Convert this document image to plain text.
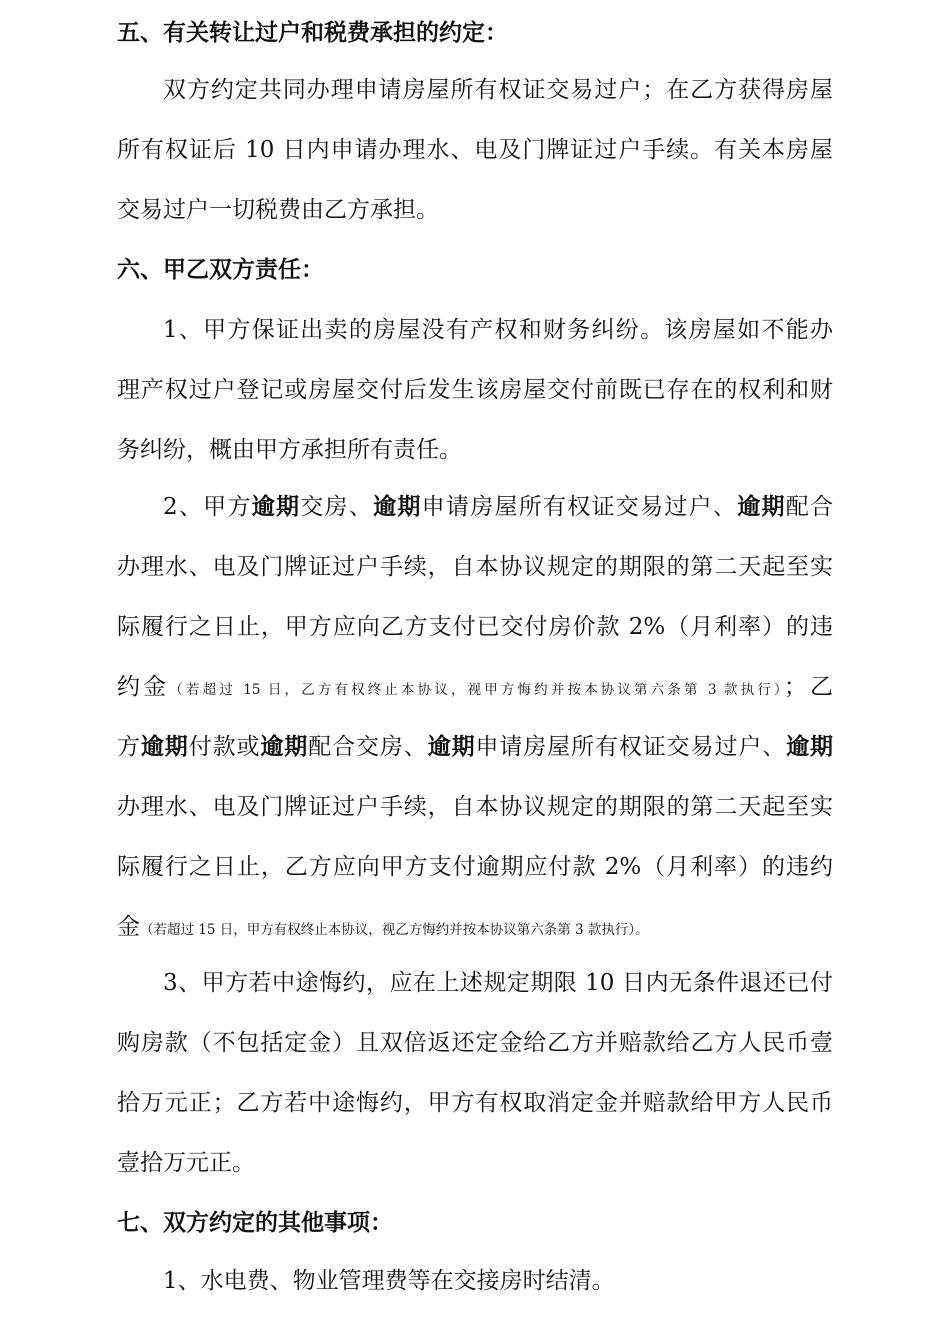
五、有关转让过户和税费承担的约定：
双方约定共同办理申请房屋所有权证交易过户；在乙方获得房屋
所有权证后 10 日内申请办理水、电及门牌证过户手续。有关本房屋
交易过户一切税费由乙方承担。
六、甲乙双方责任：
1、甲方保证出卖的房屋没有产权和财务纠纷。该房屋如不能办
理产权过户登记或房屋交付后发生该房屋交付前既已存在的权利和财
务纠纷，概由甲方承担所有责任。
2、甲方逾期交房、逾期申请房屋所有权证交易过户、逾期配合
办理水、电及门牌证过户手续，自本协议规定的期限的第二天起至实
际履行之日止，甲方应向乙方支付已交付房价款 2%（月利率）的违
约金（若超过 15 日，乙方有权终止本协议，视甲方悔约并按本协议第六条第 3 款执行）；乙
方逾期付款或逾期配合交房、逾期申请房屋所有权证交易过户、逾期
办理水、电及门牌证过户手续，自本协议规定的期限的第二天起至实
际履行之日止，乙方应向甲方支付逾期应付款 2%（月利率）的违约
金（若超过 15 日，甲方有权终止本协议，视乙方悔约并按本协议第六条第 3 款执行）。
3、甲方若中途悔约，应在上述规定期限 10 日内无条件退还已付
购房款（不包括定金）且双倍返还定金给乙方并赔款给乙方人民币壹
拾万元正；乙方若中途悔约，甲方有权取消定金并赔款给甲方人民币
壹拾万元正。
七、双方约定的其他事项：
1、水电费、物业管理费等在交接房时结清。
